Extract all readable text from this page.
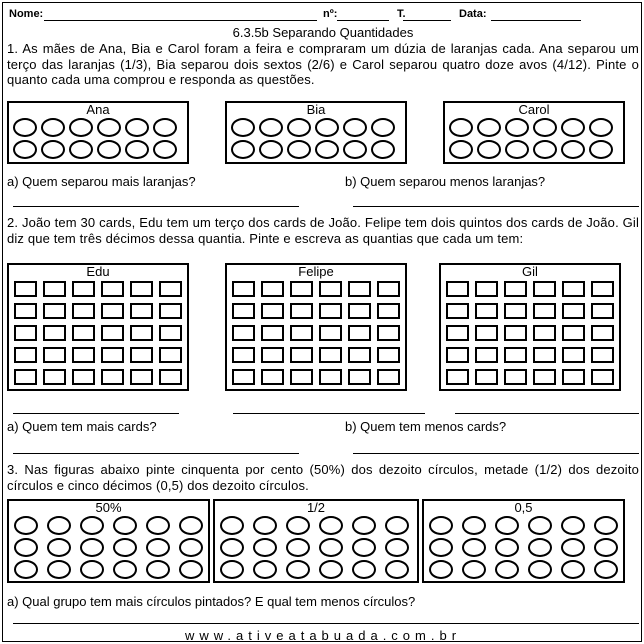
Nome:	nº:	T.	Data:
6.3.5b Separando Quantidades
1. As mães de Ana, Bia e Carol foram a feira e compraram um dúzia de laranjas cada. Ana separou um terço das laranjas (1/3), Bia separou dois sextos (2/6) e Carol separou quatro doze avos (4/12). Pinte o quanto cada uma comprou e responda as questões.
Ana	Bia	Carol
a) Quem separou mais laranjas?	b) Quem separou menos laranjas?
2. João tem 30 cards, Edu tem um terço dos cards de João. Felipe tem dois quintos dos cards de João. Gil diz que tem três décimos dessa quantia. Pinte e escreva as quantias que cada um tem:
Edu	Felipe	Gil
a) Quem tem mais cards?	b) Quem tem menos cards?
3. Nas figuras abaixo pinte cinquenta por cento (50%) dos dezoito círculos, metade (1/2) dos dezoito círculos e cinco décimos (0,5) dos dezoito círculos.
50%	1/2	0,5
a) Qual grupo tem mais círculos pintados? E qual tem menos círculos?
www.ativeatabuada.com.br
